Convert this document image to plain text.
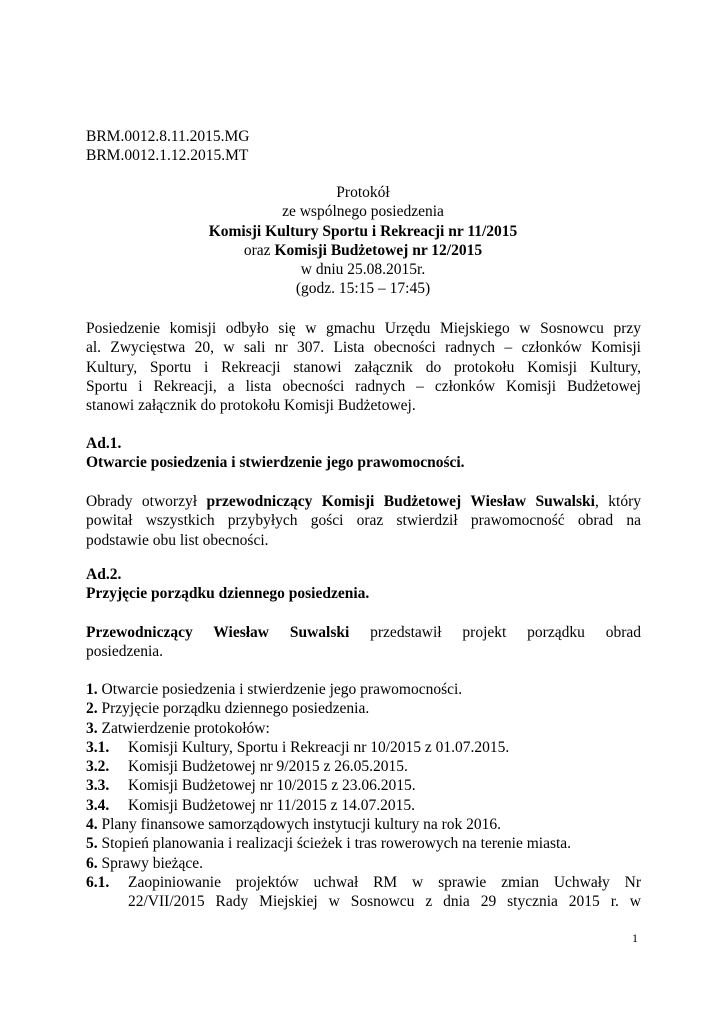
BRM.0012.8.11.2015.MG
BRM.0012.1.12.2015.MT
Protokół
ze wspólnego posiedzenia
Komisji Kultury Sportu i Rekreacji nr 11/2015
oraz Komisji Budżetowej nr 12/2015
w dniu 25.08.2015r.
(godz. 15:15 – 17:45)
Posiedzenie komisji odbyło się w gmachu Urzędu Miejskiego w Sosnowcu przy
al. Zwycięstwa 20, w sali nr 307. Lista obecności radnych – członków Komisji
Kultury, Sportu i Rekreacji stanowi załącznik do protokołu Komisji Kultury,
Sportu i Rekreacji, a lista obecności radnych – członków Komisji Budżetowej
stanowi załącznik do protokołu Komisji Budżetowej.
Ad.1.
Otwarcie posiedzenia i stwierdzenie jego prawomocności.
Obrady otworzył przewodniczący Komisji Budżetowej Wiesław Suwalski, który
powitał wszystkich przybyłych gości oraz stwierdził prawomocność obrad na
podstawie obu list obecności.
Ad.2.
Przyjęcie porządku dziennego posiedzenia.
Przewodniczący Wiesław Suwalski przedstawił projekt porządku obrad
posiedzenia.
1. Otwarcie posiedzenia i stwierdzenie jego prawomocności.
2. Przyjęcie porządku dziennego posiedzenia.
3. Zatwierdzenie protokołów:
3.1. Komisji Kultury, Sportu i Rekreacji nr 10/2015 z 01.07.2015.
3.2. Komisji Budżetowej nr 9/2015 z 26.05.2015.
3.3. Komisji Budżetowej nr 10/2015 z 23.06.2015.
3.4. Komisji Budżetowej nr 11/2015 z 14.07.2015.
4. Plany finansowe samorządowych instytucji kultury na rok 2016.
5. Stopień planowania i realizacji ścieżek i tras rowerowych na terenie miasta.
6. Sprawy bieżące.
6.1. Zaopiniowanie projektów uchwał RM w sprawie zmian Uchwały Nr
22/VII/2015 Rady Miejskiej w Sosnowcu z dnia 29 stycznia 2015 r. w
1
